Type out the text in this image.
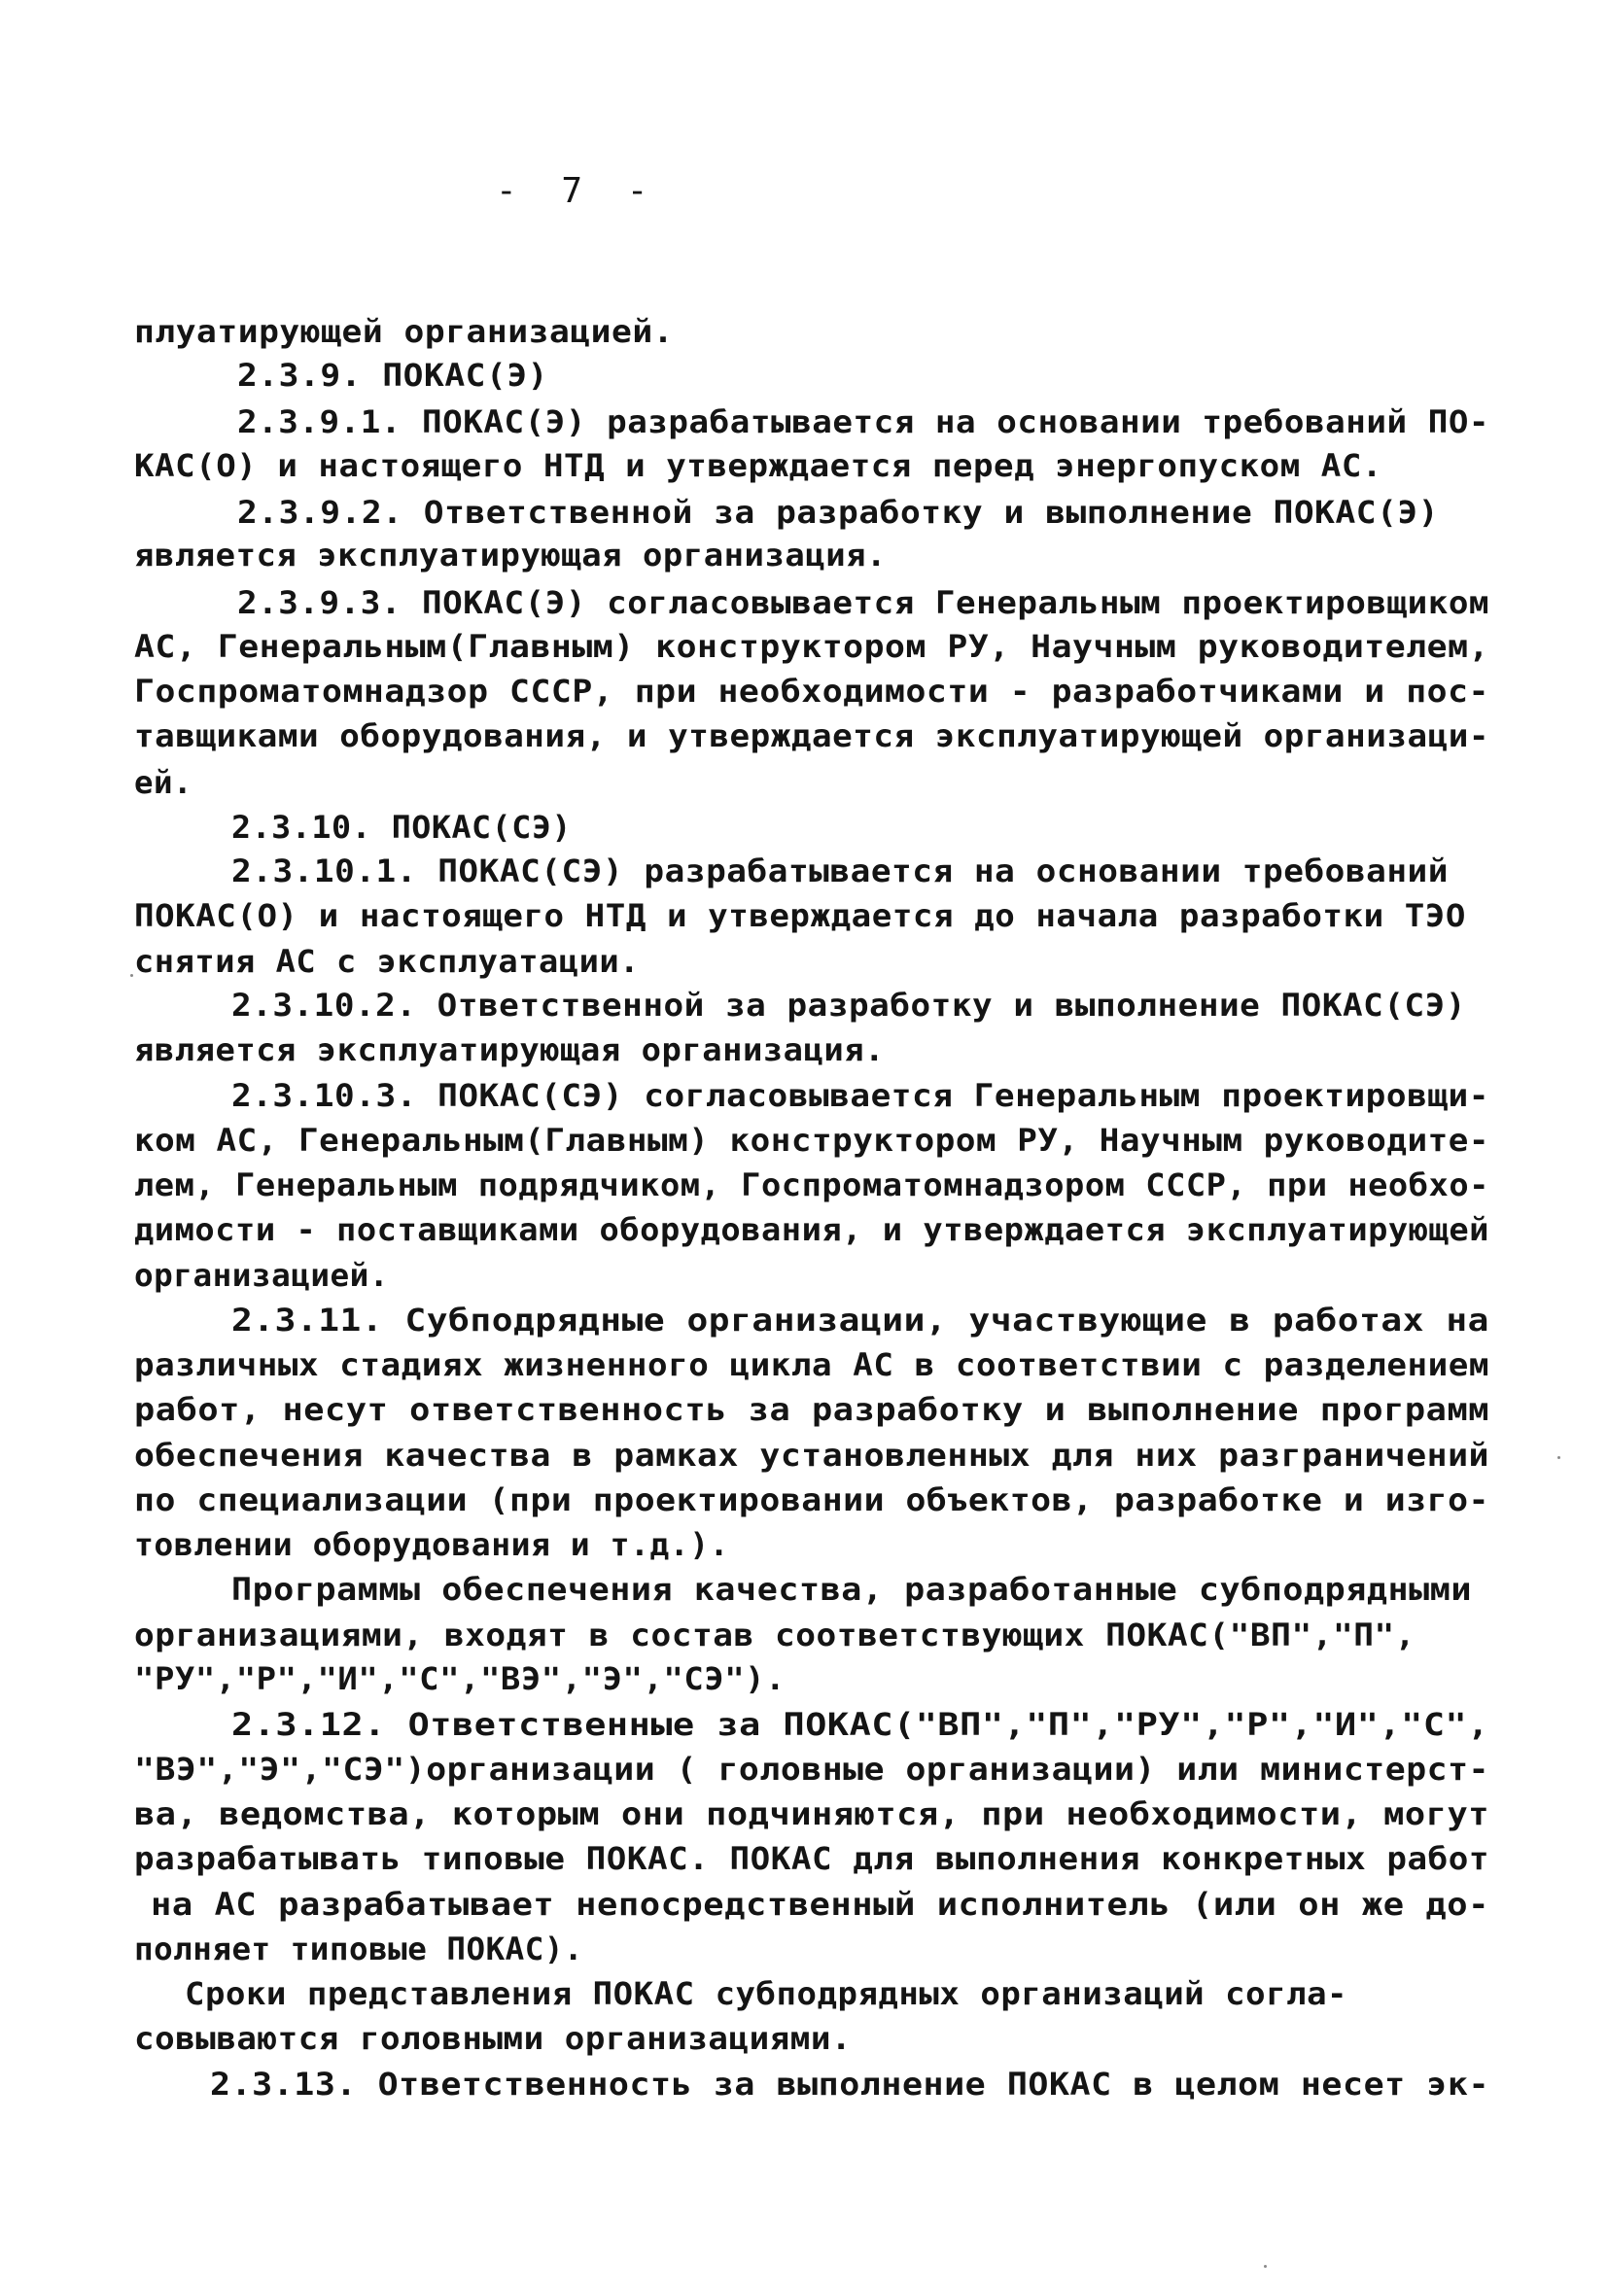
- 7 -
плуатирующей организацией.
2.3.9. ПОКАС(Э)
2.3.9.1. ПОКАС(Э) разрабатывается на основании требований ПО-
КАС(О) и настоящего НТД и утверждается перед энергопуском АС.
2.3.9.2. Ответственной за разработку и выполнение ПОКАС(Э)
является эксплуатирующая организация.
2.3.9.3. ПОКАС(Э) согласовывается Генеральным проектировщиком
АС, Генеральным(Главным) конструктором РУ, Научным руководителем,
Госпроматомнадзор СССР, при необходимости - разработчиками и пос-
тавщиками оборудования, и утверждается эксплуатирующей организаци-
ей.
2.3.10. ПОКАС(СЭ)
2.3.10.1. ПОКАС(СЭ) разрабатывается на основании требований
ПОКАС(О) и настоящего НТД и утверждается до начала разработки ТЭО
снятия АС с эксплуатации.
2.3.10.2. Ответственной за разработку и выполнение ПОКАС(СЭ)
является эксплуатирующая организация.
2.3.10.3. ПОКАС(СЭ) согласовывается Генеральным проектировщи-
ком АС, Генеральным(Главным) конструктором РУ, Научным руководите-
лем, Генеральным подрядчиком, Госпроматомнадзором СССР, при необхо-
димости - поставщиками оборудования, и утверждается эксплуатирующей
организацией.
2.3.11. Субподрядные организации, участвующие в работах на
различных стадиях жизненного цикла АС в соответствии с разделением
работ, несут ответственность за разработку и выполнение программ
обеспечения качества в рамках установленных для них разграничений
по специализации (при проектировании объектов, разработке и изго-
товлении оборудования и т.д.).
Программы обеспечения качества, разработанные субподрядными
организациями, входят в состав соответствующих ПОКАС("ВП","П",
"РУ","Р","И","С","ВЭ","Э","СЭ").
2.3.12. Ответственные за ПОКАС("ВП","П","РУ","Р","И","С",
"ВЭ","Э","СЭ")организации ( головные организации) или министерст-
ва, ведомства, которым они подчиняются, при необходимости, могут
разрабатывать типовые ПОКАС. ПОКАС для выполнения конкретных работ
на АС разрабатывает непосредственный исполнитель (или он же до-
полняет типовые ПОКАС).
Сроки представления ПОКАС субподрядных организаций согла-
совываются головными организациями.
2.3.13. Ответственность за выполнение ПОКАС в целом несет эк-
